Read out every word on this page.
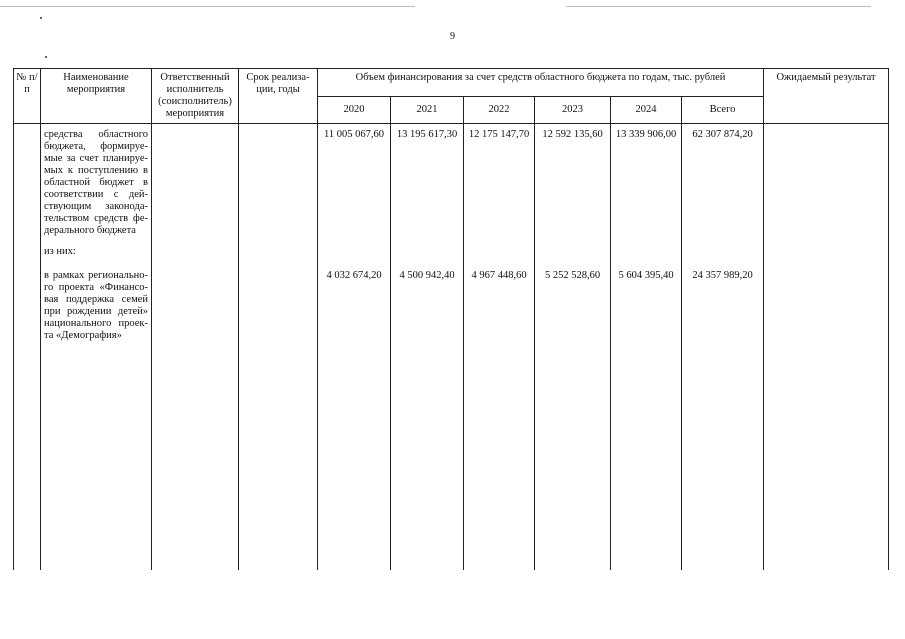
9
№ п/п	Наименование мероприятия	Ответственный исполнитель (соисполнитель) мероприятия	Срок реализа-ции, годы	Объем финансирования за счет средств областного бюджета по годам, тыс. рублей						Ожидаемый результат
				2020	2021	2022	2023	2024	Всего	
	средства областного бюджета, формируе-мые за счет планируе-мых к поступлению в областной бюджет в соответствии с дей-ствующим законода-тельством средств фе-дерального бюджета			11 005 067,60	13 195 617,30	12 175 147,70	12 592 135,60	13 339 906,00	62 307 874,20	
	из них:									
	в рамках регионально-го проекта «Финансо-вая поддержка семей при рождении детей» национального проек-та «Демография»			4 032 674,20	4 500 942,40	4 967 448,60	5 252 528,60	5 604 395,40	24 357 989,20	
